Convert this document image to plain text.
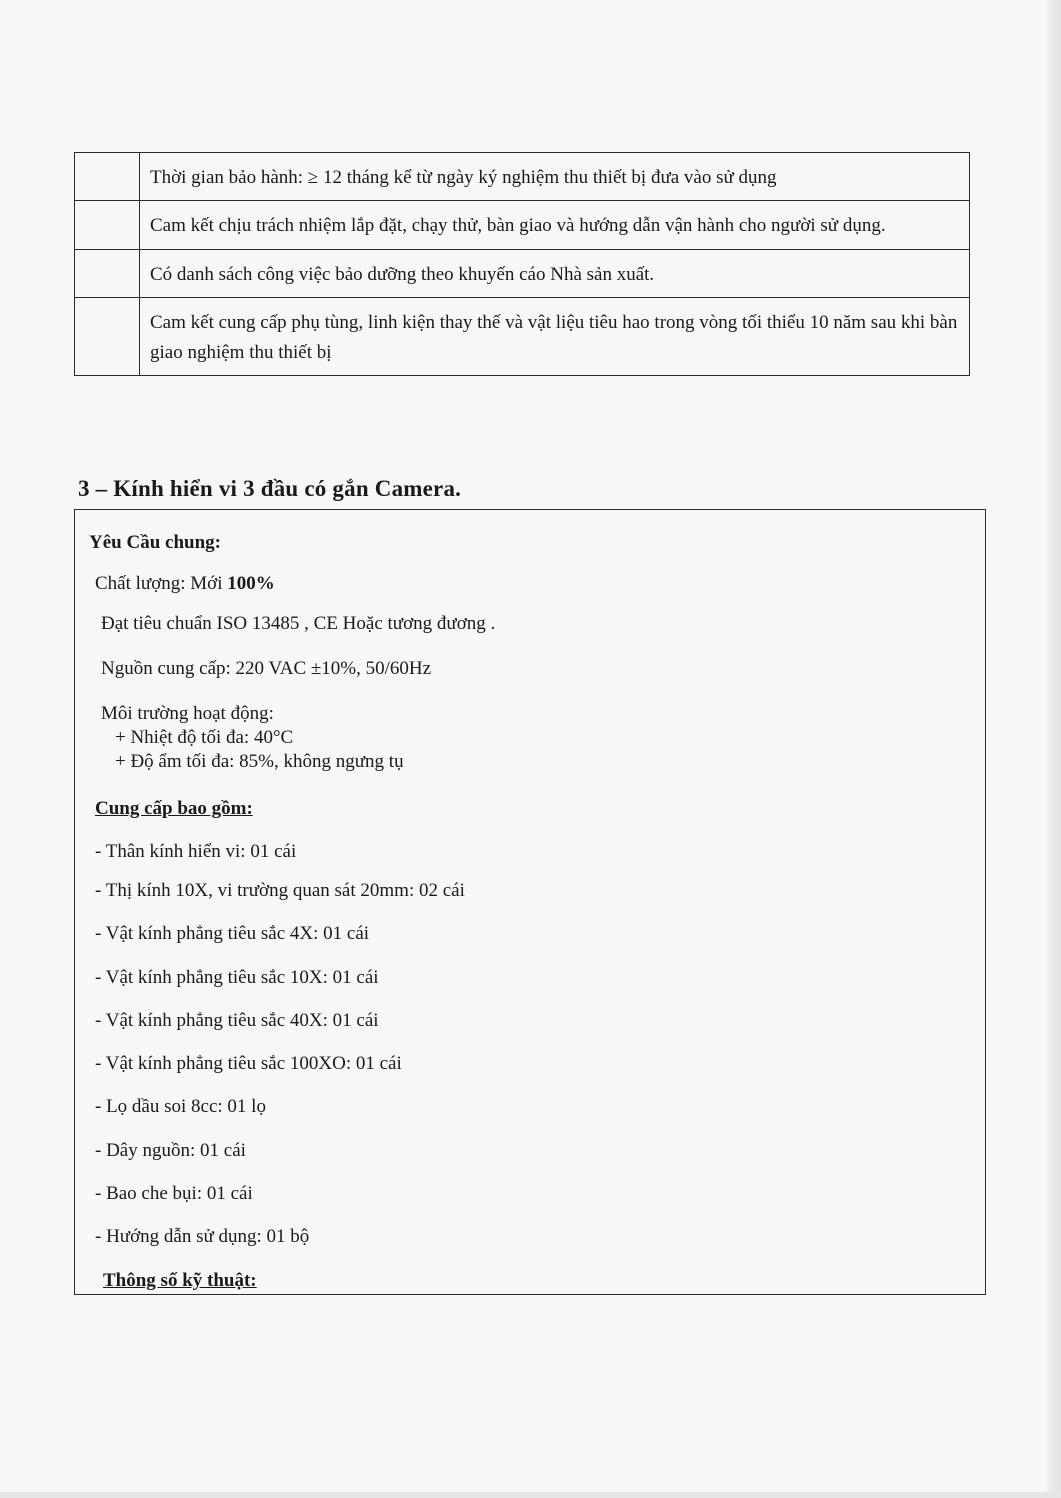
	Thời gian bảo hành: ≥ 12 tháng kể từ ngày ký nghiệm thu thiết bị đưa vào sử dụng
	Cam kết chịu trách nhiệm lắp đặt, chạy thử, bàn giao và hướng dẫn vận hành cho người sử dụng.
	Có danh sách công việc bảo dưỡng theo khuyến cáo Nhà sản xuất.
	Cam kết cung cấp phụ tùng, linh kiện thay thế và vật liệu tiêu hao trong vòng tối thiểu 10 năm sau khi bàn giao nghiệm thu thiết bị
3 – Kính hiển vi 3 đầu có gắn Camera.
Yêu Cầu chung:
Chất lượng: Mới 100%
Đạt tiêu chuẩn ISO 13485 , CE Hoặc tương đương .
Nguồn cung cấp: 220 VAC ±10%, 50/60Hz
Môi trường hoạt động:
+ Nhiệt độ tối đa: 40°C
+ Độ ẩm tối đa: 85%, không ngưng tụ
Cung cấp bao gồm:
- Thân kính hiển vi: 01 cái
- Thị kính 10X, vi trường quan sát 20mm: 02 cái
- Vật kính phẳng tiêu sắc 4X: 01 cái
- Vật kính phẳng tiêu sắc 10X: 01 cái
- Vật kính phẳng tiêu sắc 40X: 01 cái
- Vật kính phẳng tiêu sắc 100XO: 01 cái
- Lọ dầu soi 8cc: 01 lọ
- Dây nguồn: 01 cái
- Bao che bụi: 01 cái
- Hướng dẫn sử dụng: 01 bộ
Thông số kỹ thuật:
